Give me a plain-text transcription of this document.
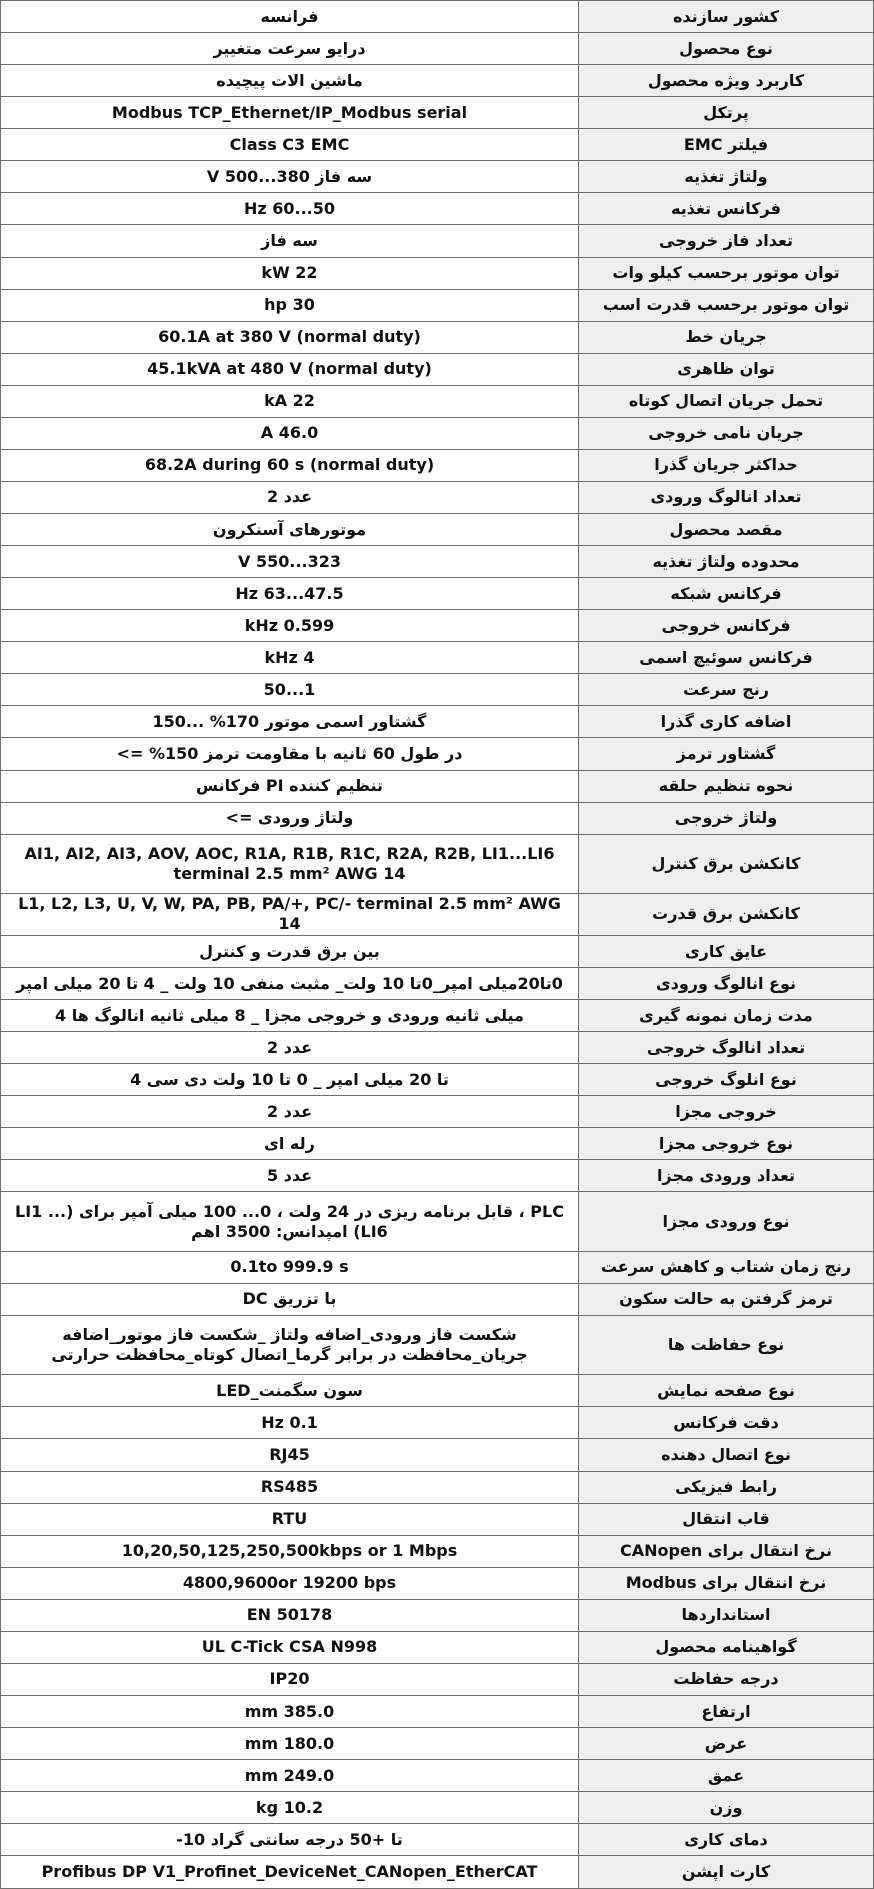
کشور سازنده	فرانسه
نوع محصول	درایو سرعت متغییر
کاربرد ویژه محصول	ماشین الات پیچیده
پرتکل	Modbus TCP_Ethernet/IP_Modbus serial
فیلتر EMC	Class C3 EMC
ولتاژ تغذیه	سه فاز 380...500 V
فرکانس تغذیه	50...60 Hz
تعداد فاز خروجی	سه فاز
توان موتور برحسب کیلو وات	22 kW
توان موتور برحسب قدرت اسب	30 hp
جریان خط	60.1A at 380 V (normal duty)
توان ظاهری	45.1kVA at 480 V (normal duty)
تحمل جریان اتصال کوتاه	22 kA
جریان نامی خروجی	46.0 A
حداکثر جریان گذرا	68.2A during 60 s (normal duty)
تعداد انالوگ ورودی	عدد 2
مقصد محصول	موتورهای آسنکرون
محدوده ولتاژ تغذیه	323...550 V
فرکانس شبکه	47.5...63 Hz
فرکانس خروجی	0.599 kHz
فرکانس سوئیچ اسمی	4 kHz
رنج سرعت	1...50
اضافه کاری گذرا	گشتاور اسمی موتور 170% ...150
گشتاور ترمز	در طول 60 ثانیه با مقاومت ترمز 150% =>
نحوه تنظیم حلقه	تنظیم کننده PI فرکانس
ولتاژ خروجی	ولتاژ ورودی =>
کانکشن برق کنترل	AI1, AI2, AI3, AOV, AOC, R1A, R1B, R1C, R2A, R2B, LI1...LI6 terminal 2.5 mm² AWG 14
کانکشن برق قدرت	L1, L2, L3, U, V, W, PA, PB, PA/+, PC/- terminal 2.5 mm² AWG 14
عایق کاری	بین برق قدرت و کنترل
نوع انالوگ ورودی	0تا20میلی امپر_0تا 10 ولت_ مثبت منفی 10 ولت _ 4 تا 20 میلی امپر
مدت زمان نمونه گیری	میلی ثانیه ورودی و خروجی مجزا _ 8 میلی ثانیه انالوگ ها 4
تعداد انالوگ خروجی	عدد 2
نوع انلوگ خروجی	تا 20 میلی امپر _ 0 تا 10 ولت دی سی 4
خروجی مجزا	عدد 2
نوع خروجی مجزا	رله ای
تعداد ورودی مجزا	عدد 5
نوع ورودی مجزا	PLC ، قابل برنامه ریزی در 24 ولت ، 0... 100 میلی آمپر برای (LI1 ... LI6) امپدانس: 3500 اهم
رنج زمان شتاب و کاهش سرعت	0.1to 999.9 s
ترمز گرفتن به حالت سکون	با تزریق DC
نوع حفاظت ها	شکست فاز ورودی_اضافه ولتاژ _شکست فاز موتور_اضافه جریان_محافظت در برابر گرما_اتصال کوتاه_محافظت حرارتی
نوع صفحه نمایش	سون سگمنت_LED
دقت فرکانس	0.1 Hz
نوع اتصال دهنده	RJ45
رابط فیزیکی	RS485
قاب انتقال	RTU
نرخ انتقال برای CANopen	10,20,50,125,250,500kbps or 1 Mbps
نرخ انتقال برای Modbus	4800,9600or 19200 bps
استانداردها	EN 50178
گواهینامه محصول	UL C-Tick CSA N998
درجه حفاظت	IP20
ارتفاع	385.0 mm
عرض	180.0 mm
عمق	249.0 mm
وزن	10.2 kg
دمای کاری	تا +50 درجه سانتی گراد 10-
کارت اپشن	Profibus DP V1_Profinet_DeviceNet_CANopen_EtherCAT
